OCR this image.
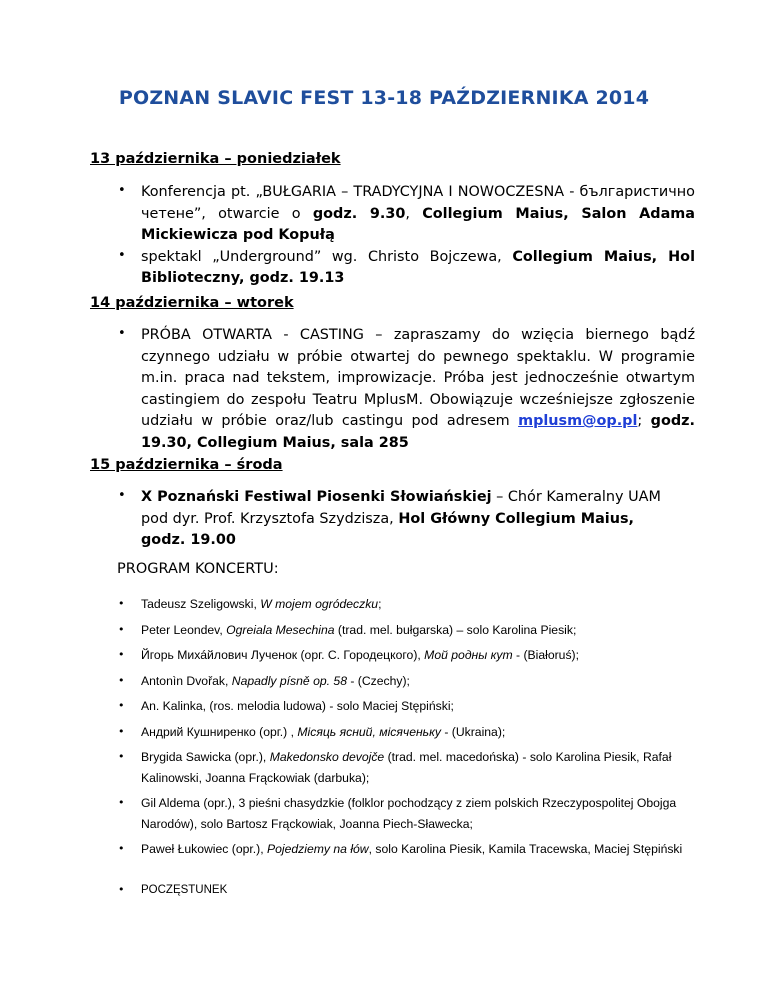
POZNAN SLAVIC FEST 13-18 PAŹDZIERNIKA 2014
13 października – poniedziałek
• Konferencja pt. „BUŁGARIA – TRADYCYJNA I NOWOCZESNA - българистично четене”, otwarcie o godz. 9.30, Collegium Maius, Salon Adama Mickiewicza pod Kopułą
• spektakl „Underground” wg. Christo Bojczewa, Collegium Maius, Hol Biblioteczny, godz. 19.13
14 października – wtorek
• PRÓBA OTWARTA - CASTING – zapraszamy do wzięcia biernego bądź czynnego udziału w próbie otwartej do pewnego spektaklu. W programie m.in. praca nad tekstem, improwizacje. Próba jest jednocześnie otwartym castingiem do zespołu Teatru MplusM. Obowiązuje wcześniejsze zgłoszenie udziału w próbie oraz/lub castingu pod adresem mplusm@op.pl; godz. 19.30, Collegium Maius, sala 285
15 października – środa
• X Poznański Festiwal Piosenki Słowiańskiej – Chór Kameralny UAM pod dyr. Prof. Krzysztofa Szydzisza, Hol Główny Collegium Maius, godz. 19.00
PROGRAM KONCERTU:
• Tadeusz Szeligowski, W mojem ogródeczku;
• Peter Leondev, Ogreiala Mesechina (trad. mel. bułgarska) – solo Karolina Piesik;
• Йгорь Михáйлович Лученок (орг. С. Городецкого), Мой родны кут - (Białoruś);
• Antonìn Dvořak, Napadly písně op. 58 - (Czechy);
• An. Kalinka, (ros. melodia ludowa) - solo Maciej Stępiński;
• Андрий Кушниренко (орг.) , Місяць ясний, місяченьку - (Ukraina);
• Brygida Sawicka (opr.), Makedonsko devojče (trad. mel. macedońska) - solo Karolina Piesik, Rafał Kalinowski, Joanna Frąckowiak (darbuka);
• Gil Aldema (opr.), 3 pieśni chasydzkie (folklor pochodzący z ziem polskich Rzeczypospolitej Obojga Narodów), solo Bartosz Frąckowiak, Joanna Piech-Sławecka;
• Paweł Łukowiec (opr.), Pojedziemy na łów, solo Karolina Piesik, Kamila Tracewska, Maciej Stępiński
•	POCZĘSTUNEK
